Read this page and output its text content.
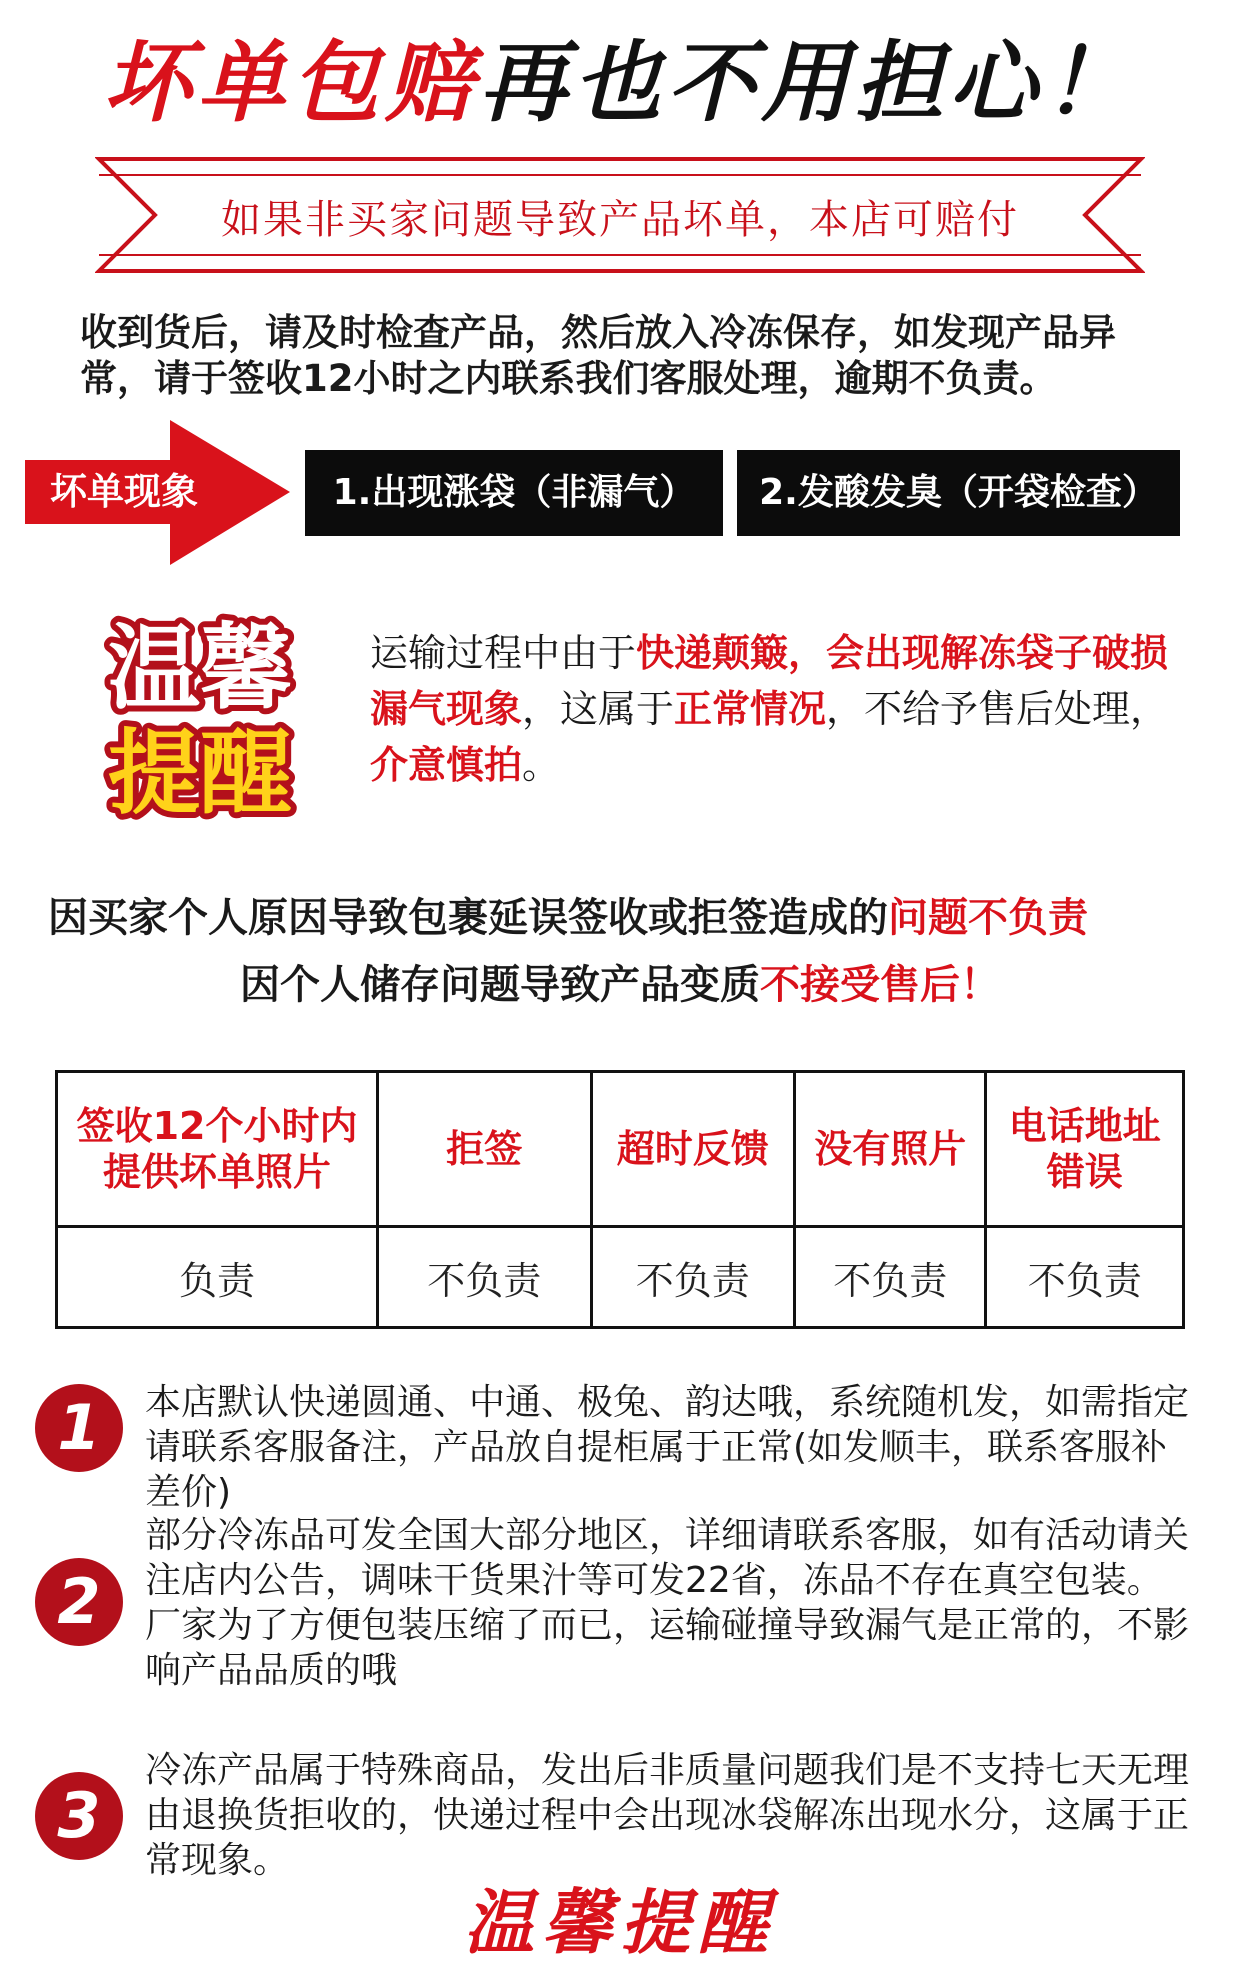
坏单包赔再也不用担心！
如果非买家问题导致产品坏单，本店可赔付
收到货后，请及时检查产品，然后放入冷冻保存，如发现产品异常，请于签收12小时之内联系我们客服处理，逾期不负责。
坏单现象	1.出现涨袋（非漏气）	2.发酸发臭（开袋检查）
温馨
提醒
运输过程中由于快递颠簸，会出现解冻袋子破损漏气现象，这属于正常情况，不给予售后处理，介意慎拍。
因买家个人原因导致包裹延误签收或拒签造成的问题不负责
因个人储存问题导致产品变质不接受售后！
签收12个小时内提供坏单照片	拒签	超时反馈	没有照片	电话地址错误
负责	不负责	不负责	不负责	不负责
1	本店默认快递圆通、中通、极兔、韵达哦，系统随机发，如需指定请联系客服备注，产品放自提柜属于正常(如发顺丰，联系客服补差价)
2
部分冷冻品可发全国大部分地区，详细请联系客服，如有活动请关注店内公告，调味干货果汁等可发22省，冻品不存在真空包装。厂家为了方便包装压缩了而已，运输碰撞导致漏气是正常的，不影响产品品质的哦
3
冷冻产品属于特殊商品，发出后非质量问题我们是不支持七天无理由退换货拒收的，快递过程中会出现冰袋解冻出现水分，这属于正常现象。
温馨提醒
